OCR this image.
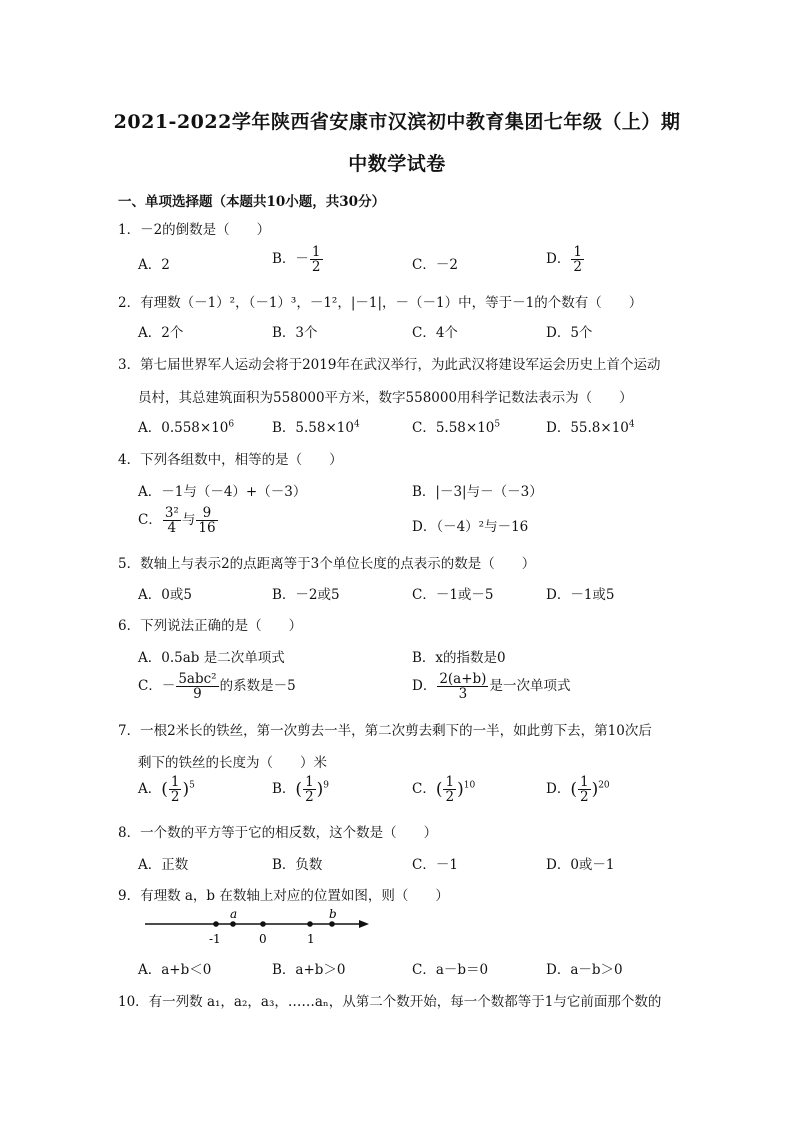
2021-2022学年陕西省安康市汉滨初中教育集团七年级（上）期
中数学试卷
一、单项选择题（本题共10小题，共30分）
1．－2的倒数是（　　）
A．2	B．－ $\frac{1}{2}$	C．－2	D． $\frac{1}{2}$
2．有理数（－1）²，（－1）³，－1²，|－1|，－（－1）中，等于－1的个数有（　　）
A．2个	B．3个	C．4个	D．5个
3．第七届世界军人运动会将于2019年在武汉举行，为此武汉将建设军运会历史上首个运动
员村，其总建筑面积为558000平方米，数字558000用科学记数法表示为（　　）
A．$0.558\times 10^6$	B．$5.58\times 10^4$	C．$5.58\times 10^5$	D．$55.8\times 10^4$
4．下列各组数中，相等的是（　　）
A．－1与（－4）+（－3）	B．|－3|与－（－3）
C． $\frac{\text{3²}}{4}$ 与 $\frac{9}{16}$	D．（－4）²与－16
5．数轴上与表示2的点距离等于3个单位长度的点表示的数是（　　）
A．0或5	B．－2或5	C．－1或－5	D．－1或5
6．下列说法正确的是（　　）
A．0.5ab 是二次单项式	B．x的指数是0
C．－ $\frac{\text{5abc²}}{9}$ 的系数是－5	D． $\frac{2(a+b)}{3}$ 是一次单项式
7．一根2米长的铁丝，第一次剪去一半，第二次剪去剩下的一半，如此剪下去，第10次后
剩下的铁丝的长度为（　　）米
A．( $\frac{1}{2} )^5$	B．( $\frac{1}{2} )^9$	C．( $\frac{1}{2} )^{10}$	D．( $\frac{1}{2} )^{20}$
8．一个数的平方等于它的相反数，这个数是（　　）
A．正数	B．负数	C．－1	D．0或－1
9．有理数 a，b 在数轴上对应的位置如图，则（　　）
a	b
-1	0	1
A．a+b＜0	B．a+b＞0	C．a－b＝0	D．a－b＞0
10．有一列数 a₁，a₂，a₃，……aₙ，从第二个数开始，每一个数都等于1与它前面那个数的
